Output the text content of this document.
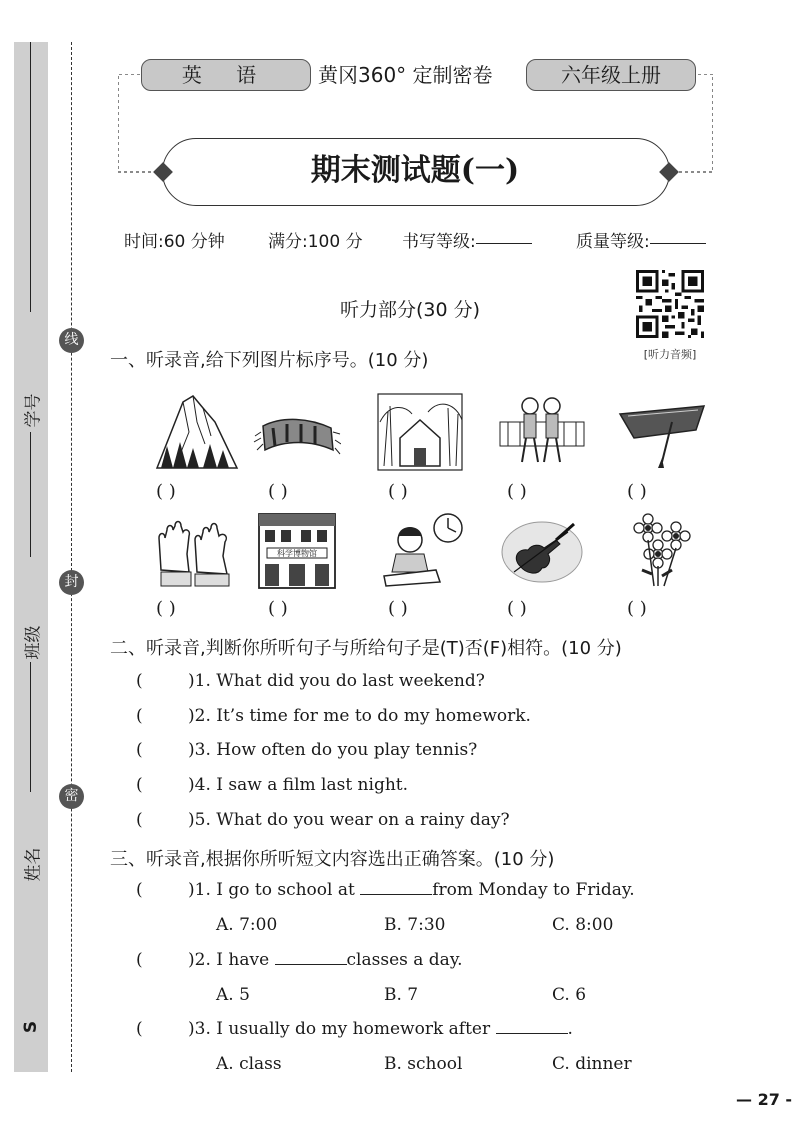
学号
班级
姓名
S
线
封
密
英 语	黄冈360° 定制密卷	六年级上册
期末测试题(一)
时间:60 分钟	满分:100 分 书写等级:	质量等级:
听力部分(30 分)
[听力音频]
一、听录音,给下列图片标序号。(10 分)
( )	( )	( )	( )	( )
科学博物馆
( )	( )	( )	( )	( )
二、听录音,判断你所听句子与所给句子是(T)否(F)相符。(10 分)
(	)1. What did you do last weekend?
(	)2. It’s time for me to do my homework.
(	)3. How often do you play tennis?
(	)4. I saw a film last night.
(	)5. What do you wear on a rainy day?
三、听录音,根据你所听短文内容选出正确答案。(10 分)
(	)1. I go to school at	from Monday to Friday.
A. 7:00	B. 7:30	C. 8:00
(	)2. I have	classes a day.
A. 5	B. 7	C. 6
(	)3. I usually do my homework after	.
A. class	B. school	C. dinner
— 27 -
